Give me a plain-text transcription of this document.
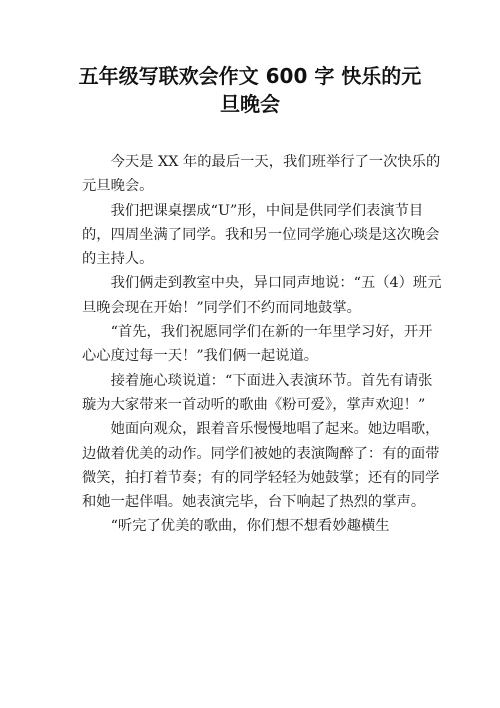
五年级写联欢会作文 600 字 快乐的元
旦晚会

今天是 XX 年的最后一天，我们班举行了一次快乐的元旦晚会。

我们把课桌摆成“U”形，中间是供同学们表演节目的，四周坐满了同学。我和另一位同学施心琰是这次晚会的主持人。

我们俩走到教室中央，异口同声地说：“五（4）班元旦晚会现在开始！”同学们不约而同地鼓掌。

“首先，我们祝愿同学们在新的一年里学习好，开开心心度过每一天！”我们俩一起说道。

接着施心琰说道：“下面进入表演环节。首先有请张璇为大家带来一首动听的歌曲《粉可爱》，掌声欢迎！”

她面向观众，跟着音乐慢慢地唱了起来。她边唱歌，边做着优美的动作。同学们被她的表演陶醉了：有的面带微笑，拍打着节奏；有的同学轻轻为她鼓掌；还有的同学和她一起伴唱。她表演完毕，台下响起了热烈的掌声。

“听完了优美的歌曲，你们想不想看妙趣横生
